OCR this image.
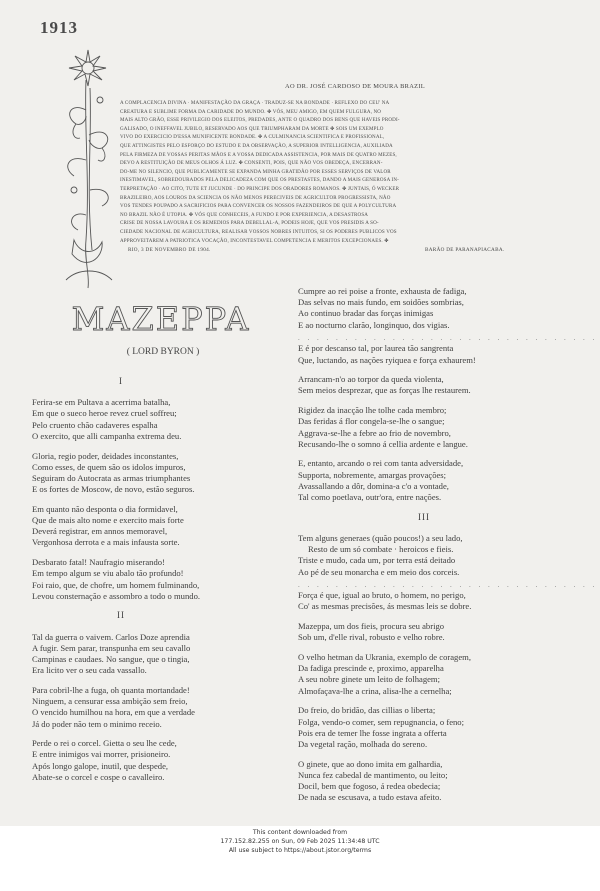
1913
AO DR. JOSÉ CARDOSO DE MOURA BRAZIL
A COMPLACENCIA DIVINA · MANIFESTAÇÃO DA GRAÇA · TRADUZ-SE NA BONDADE · REFLEXO DO CEU' NA
CREATURA E SUBLIME FORMA DA CARIDADE DO MUNDO. ✤ VÓS, MEU AMIGO, EM QUEM FULGURA, NO
MAIS ALTO GRÃO, ESSE PRIVILEGIO DOS ELEITOS, PREDADES, ANTE O QUADRO DOS BENS QUE HAVEIS PRODI-
GALISADO, O INEFFAVEL JUBILO, RESERVADO AOS QUE TRIUMPHARAM DA MORTE ✤ SOIS UM EXEMPLO
VIVO DO EXERCICIO D'ESSA MUNIFICENTE BONDADE. ✤ A CULMINANCIA SCIENTIFICA E PROFISSIONAL,
QUE ATTINGISTES PELO ESFORÇO DO ESTUDO E DA OBSERVAÇÃO, A SUPERIOR INTELLIGENCIA, AUXILIADA
PELA FIRMEZA DE VOSSAS PERITAS MÃOS E A VOSSA DEDICADA ASSISTENCIA, POR MAIS DE QUATRO MEZES,
DEVO A RESTITUIÇÃO DE MEUS OLHOS Á LUZ. ✤ CONSENTI, POIS, QUE NÃO VOS OBEDEÇA, ENCERRAN-
DO-ME NO SILENCIO, QUE PUBLICAMENTE SE EXPANDA MINHA GRATIDÃO POR ESSES SERVIÇOS DE VALOR
INESTIMAVEL, SOBREDOURADOS PELA DELICADEZA COM QUE OS PRESTASTES, DANDO A MAIS GENEROSA IN-
TERPRETAÇÃO · AO CITO, TUTE ET JUCUNDE · DO PRINCIPE DOS ORADORES ROMANOS. ✤ JUNTAIS, Ó WECKER
BRAZILEIRO, AOS LOUROS DA SCIENCIA OS NÃO MENOS PERECIVEIS DE AGRICULTOR PROGRESSISTA, NÃO
VOS TENDES POUPADO A SACRIFICIOS PARA CONVENCER OS NOSSOS FAZENDEIROS DE QUE A POLYCULTURA
NO BRAZIL NÃO É UTOPIA. ✤ VÓS QUE CONHECEIS, A FUNDO E POR EXPERIENCIA, A DESASTROSA
CRISE DE NOSSA LAVOURA E OS REMEDIOS PARA DEBELLAL-A, PODEIS HOJE, QUE VOS PRESIDIS A SO-
CIEDADE NACIONAL DE AGRICULTURA, REALISAR VOSSOS NOBRES INTUITOS, SI OS PODERES PUBLICOS VOS
APPROVEITAREM A PATRIOTICA VOCAÇÃO, INCONTESTAVEL COMPETENCIA E MERITOS EXCEPCIONAES. ✤
RIO, 3 DE NOVEMBRO DE 1904.	BARÃO DE PARANAPIACABA.
MAZEPPA
( LORD BYRON )
I
Ferira-se em Pultava a acerrima batalha,
Em que o sueco heroe revez cruel soffreu;
Pelo cruento chão cadaveres espalha
O exercito, que alli campanha extrema deu.
Gloria, regio poder, deidades inconstantes,
Como esses, de quem são os idolos impuros,
Seguiram do Autocrata as armas triumphantes
E os fortes de Moscow, de novo, estão seguros.
Em quanto não desponta o dia formidavel,
Que de mais alto nome e exercito mais forte
Deverá registrar, em annos memoravel,
Vergonhosa derrota e a mais infausta sorte.
Desbarato fatal! Naufragio miserando!
Em tempo algum se viu abalo tão profundo!
Foi raio, que, de chofre, um homem fulminando,
Levou consternação e assombro a todo o mundo.
II
Tal da guerra o vaivem. Carlos Doze aprendia
A fugir. Sem parar, transpunha em seu cavallo
Campinas e caudaes. No sangue, que o tingia,
Era licito ver o seu cada vassallo.
Para cobril-lhe a fuga, oh quanta mortandade!
Ninguem, a censurar essa ambição sem freio,
O vencido humilhou na hora, em que a verdade
Já do poder não tem o minimo receio.
Perde o rei o corcel. Gietta o seu lhe cede,
E entre inimigos vai morrer, prisioneiro.
Após longo galope, inutil, que despede,
Abate-se o corcel e cospe o cavalleiro.
Cumpre ao rei poise a fronte, exhausta de fadiga,
Das selvas no mais fundo, em soidões sombrias,
Ao continuo bradar das forças inimigas
E ao nocturno clarão, longinquo, dos vigias.
. . . . . . . . . . . . . . . . . . . . . . . . . . . . . . . .
E é por descanso tal, por laurea tão sangrenta
Que, luctando, as nações ryiquea e força exhaurem!
Arrancam-n'o ao torpor da queda violenta,
Sem meios desprezar, que as forças lhe restaurem.
Rigidez da inacção lhe tolhe cada membro;
Das feridas á flor congela-se-lhe o sangue;
Aggrava-se-lhe a febre ao frio de novembro,
Recusando-lhe o somno á cellia ardente e langue.
E, entanto, arcando o rei com tanta adversidade,
Supporta, nobremente, amargas provações;
Avassallando a dôr, domina-a c'o a vontade,
Tal como poetlava, outr'ora, entre nações.
III
Tem alguns generaes (quão poucos!) a seu lado,
Resto de um só combate · heroicos e fieis.
Triste e mudo, cada um, por terra está deitado
Ao pé de seu monarcha e em meio dos corceis.
. . . . . . . . . . . . . . . . . . . . . . . . . . . . . . . .
Força é que, igual ao bruto, o homem, no perigo,
Co' as mesmas precisões, ás mesmas leis se dobre.
Mazeppa, um dos fieis, procura seu abrigo
Sob um, d'elle rival, robusto e velho robre.
O velho hetman da Ukrania, exemplo de coragem,
Da fadiga prescinde e, proximo, apparelha
A seu nobre ginete um leito de folhagem;
Almofaçava-lhe a crina, alisa-lhe a cernelha;
Do freio, do bridão, das cillias o liberta;
Folga, vendo-o comer, sem repugnancia, o feno;
Pois era de temer lhe fosse ingrata a offerta
Da vegetal ração, molhada do sereno.
O ginete, que ao dono imita em galhardia,
Nunca fez cabedal de mantimento, ou leito;
Docil, bem que fogoso, á redea obedecia;
De nada se escusava, a tudo estava afeito.
This content downloaded from
177.152.82.255 on Sun, 09 Feb 2025 11:34:48 UTC
All use subject to https://about.jstor.org/terms
